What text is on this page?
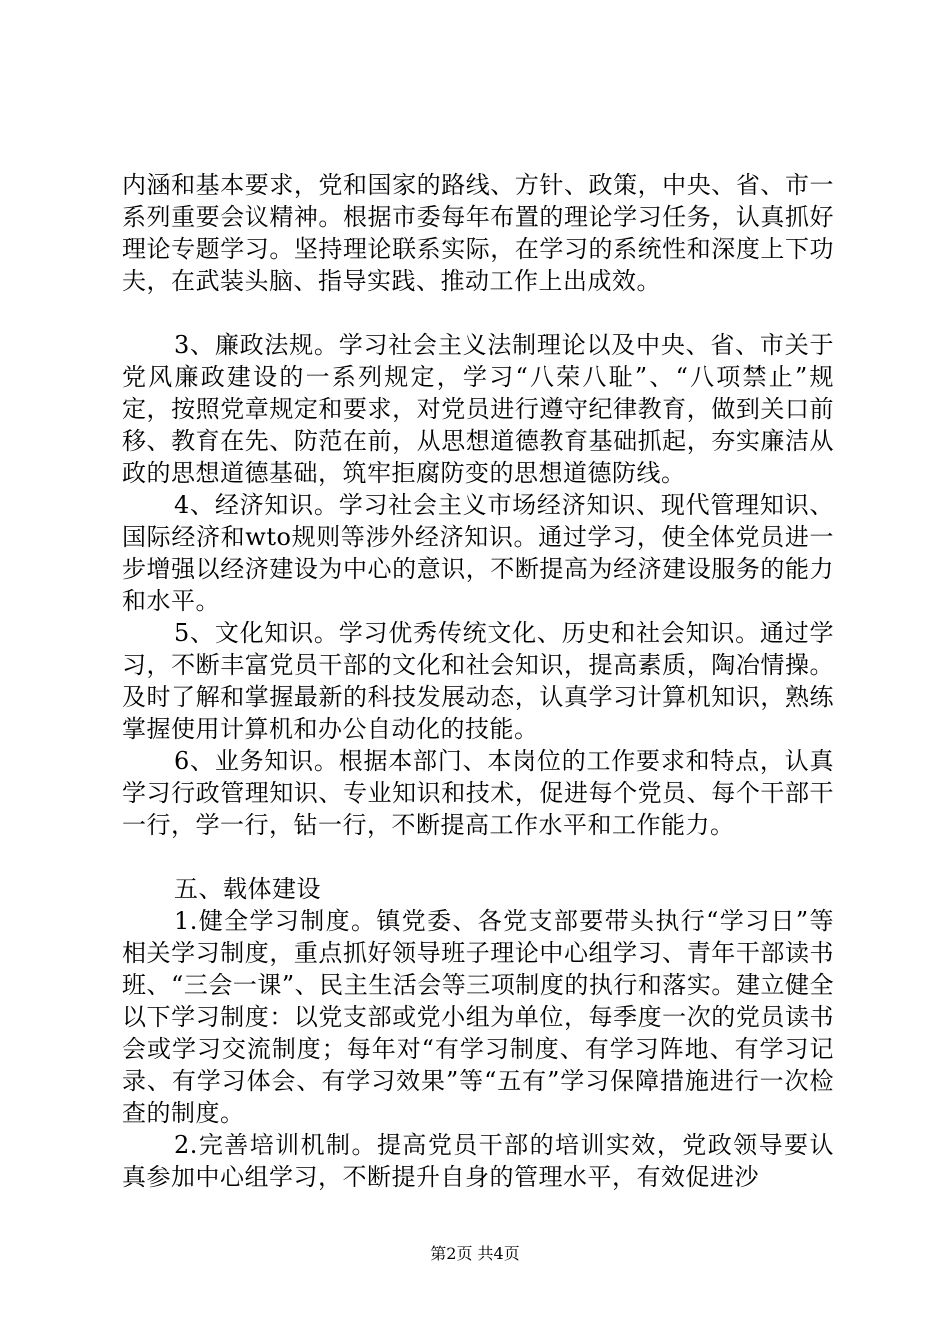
内涵和基本要求，党和国家的路线、方针、政策，中央、省、市一系列重要会议精神。根据市委每年布置的理论学习任务，认真抓好理论专题学习。坚持理论联系实际，在学习的系统性和深度上下功夫，在武装头脑、指导实践、推动工作上出成效。

3、廉政法规。学习社会主义法制理论以及中央、省、市关于党风廉政建设的一系列规定，学习“八荣八耻”、“八项禁止”规定，按照党章规定和要求，对党员进行遵守纪律教育，做到关口前移、教育在先、防范在前，从思想道德教育基础抓起，夯实廉洁从政的思想道德基础，筑牢拒腐防变的思想道德防线。

4、经济知识。学习社会主义市场经济知识、现代管理知识、国际经济和wto规则等涉外经济知识。通过学习，使全体党员进一步增强以经济建设为中心的意识，不断提高为经济建设服务的能力和水平。

5、文化知识。学习优秀传统文化、历史和社会知识。通过学习，不断丰富党员干部的文化和社会知识，提高素质，陶冶情操。及时了解和掌握最新的科技发展动态，认真学习计算机知识，熟练掌握使用计算机和办公自动化的技能。

6、业务知识。根据本部门、本岗位的工作要求和特点，认真学习行政管理知识、专业知识和技术，促进每个党员、每个干部干一行，学一行，钻一行，不断提高工作水平和工作能力。

五、载体建设

1.健全学习制度。镇党委、各党支部要带头执行“学习日”等相关学习制度，重点抓好领导班子理论中心组学习、青年干部读书班、“三会一课”、民主生活会等三项制度的执行和落实。建立健全以下学习制度：以党支部或党小组为单位，每季度一次的党员读书会或学习交流制度；每年对“有学习制度、有学习阵地、有学习记录、有学习体会、有学习效果”等“五有”学习保障措施进行一次检查的制度。

2.完善培训机制。提高党员干部的培训实效，党政领导要认真参加中心组学习，不断提升自身的管理水平，有效促进沙

第2页 共4页
